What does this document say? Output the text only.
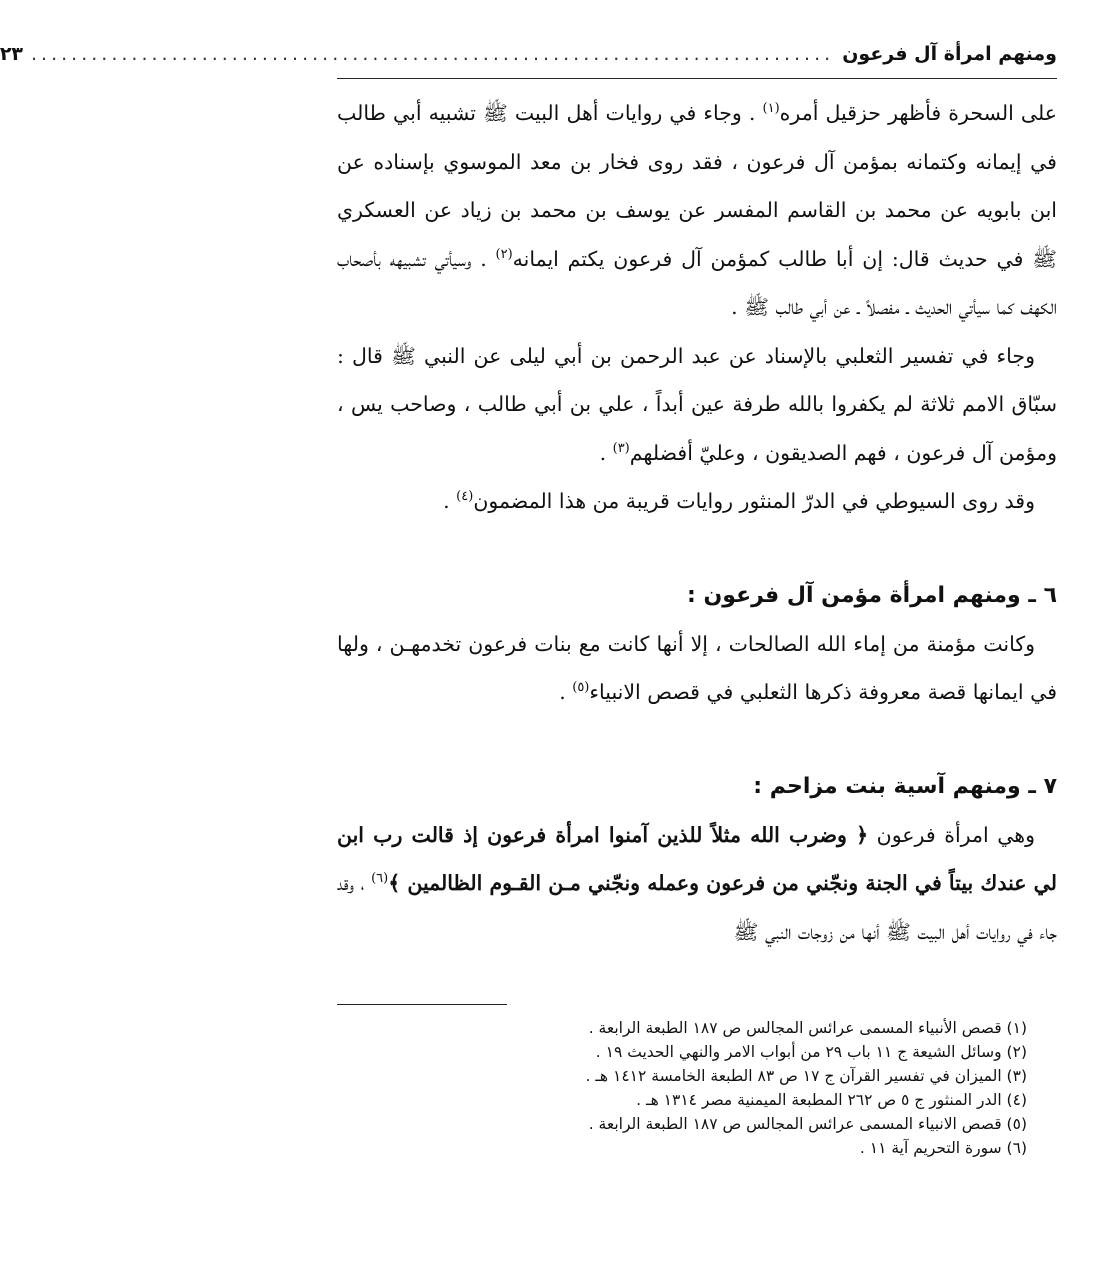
ومنهم امرأة آل فرعون
................................................................................
٢٣

على السحرة فأظهر حزقيل أمره$^{(١)}$ . وجاء في روايات أهل البيت ﷺ تشبيه أبي طالب في إيمانه وكتمانه بمؤمن آل فرعون ، فقد روى فخار بن معد الموسوي بإسناده عن ابن بابويه عن محمد بن القاسم المفسر عن يوسف بن محمد بن زياد عن العسكري ﷺ في حديث قال: إن أبا طالب كمؤمن آل فرعون يكتم ايمانه$^{(٢)}$ . وسيأتي تشبيهه بأصحاب الكهف كما سيأتي الحديث ـ مفصلاً ـ عن أبي طالب ﷺ .

وجاء في تفسير الثعلبي بالإسناد عن عبد الرحمن بن أبي ليلى عن النبي ﷺ قال : سبّاق الامم ثلاثة لم يكفروا بالله طرفة عين أبداً ، علي بن أبي طالب ، وصاحب يس ، ومؤمن آل فرعون ، فهم الصديقون ، وعليّ أفضلهم$^{(٣)}$ .

وقد روى السيوطي في الدرّ المنثور روايات قريبة من هذا المضمون$^{(٤)}$ .

٦ ـ ومنهم امرأة مؤمن آل فرعون :

وكانت مؤمنة من إماء الله الصالحات ، إلا أنها كانت مع بنات فرعون تخدمهـن ، ولها في ايمانها قصة معروفة ذكرها الثعلبي في قصص الانبياء$^{(٥)}$ .

٧ ـ ومنهم آسية بنت مزاحم :

وهي امرأة فرعون ﴿ وضرب الله مثلاً للذين آمنوا امرأة فرعون إذ قالت رب ابن لي عندك بيتاً في الجنة ونجّني من فرعون وعمله ونجّني مـن القـوم الظالمين ﴾$^{(٦)}$ ، وقد جاء في روايات أهل البيت ﷺ أنها من زوجات النبي ﷺ

(١) قصص الأنبياء المسمى عرائس المجالس ص ١٨٧ الطبعة الرابعة .
(٢) وسائل الشيعة ج ١١ باب ٢٩ من أبواب الامر والنهي الحديث ١٩ .
(٣) الميزان في تفسير القرآن ج ١٧ ص ٨٣ الطبعة الخامسة ١٤١٢ هـ .
(٤) الدر المنثور ج ٥ ص ٢٦٢ المطبعة الميمنية مصر ١٣١٤ هـ .
(٥) قصص الانبياء المسمى عرائس المجالس ص ١٨٧ الطبعة الرابعة .
(٦) سورة التحريم آية ١١ .
